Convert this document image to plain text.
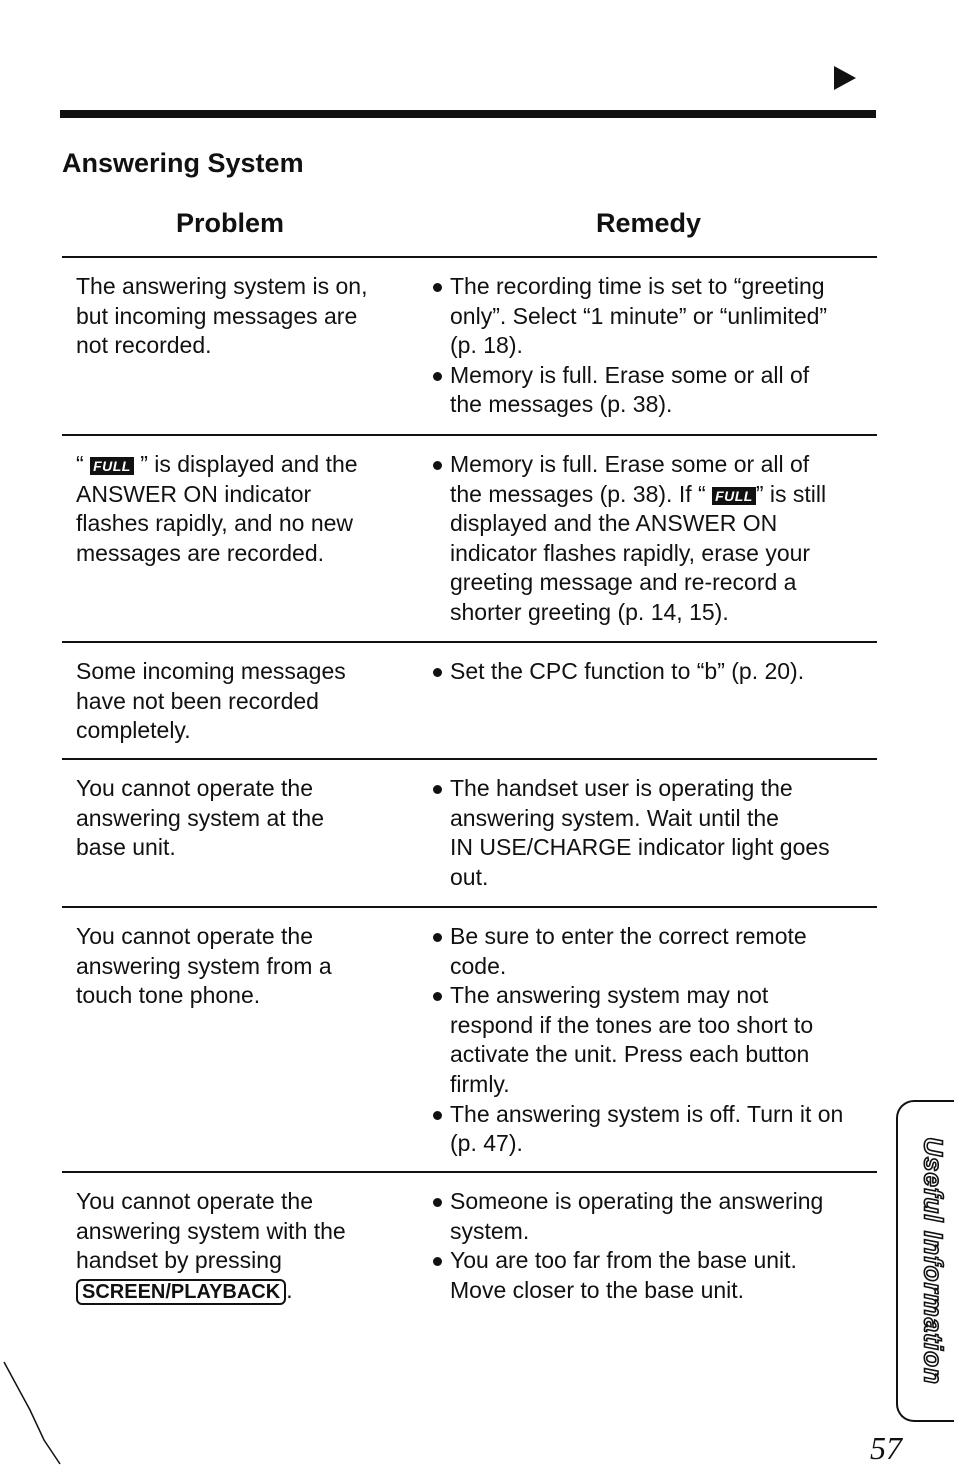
Answering System
Problem	Remedy
The answering system is on,
but incoming messages are
not recorded.
The recording time is set to “greeting
only”. Select “1 minute” or “unlimited”
(p. 18).
Memory is full. Erase some or all of
the messages (p. 38).
“ FULL ” is displayed and the
ANSWER ON indicator
flashes rapidly, and no new
messages are recorded.
Memory is full. Erase some or all of
the messages (p. 38). If “ FULL ” is still
displayed and the ANSWER ON
indicator flashes rapidly, erase your
greeting message and re-record a
shorter greeting (p. 14, 15).
Some incoming messages
have not been recorded
completely.
Set the CPC function to “b” (p. 20).
You cannot operate the
answering system at the
base unit.
The handset user is operating the
answering system. Wait until the
IN USE/CHARGE indicator light goes
out.
You cannot operate the
answering system from a
touch tone phone.
Be sure to enter the correct remote
code.
The answering system may not
respond if the tones are too short to
activate the unit. Press each button
firmly.
The answering system is off. Turn it on
(p. 47).
You cannot operate the
answering system with the
handset by pressing
SCREEN/PLAYBACK .
Someone is operating the answering
system.
You are too far from the base unit.
Move closer to the base unit.	Useful Information
57
